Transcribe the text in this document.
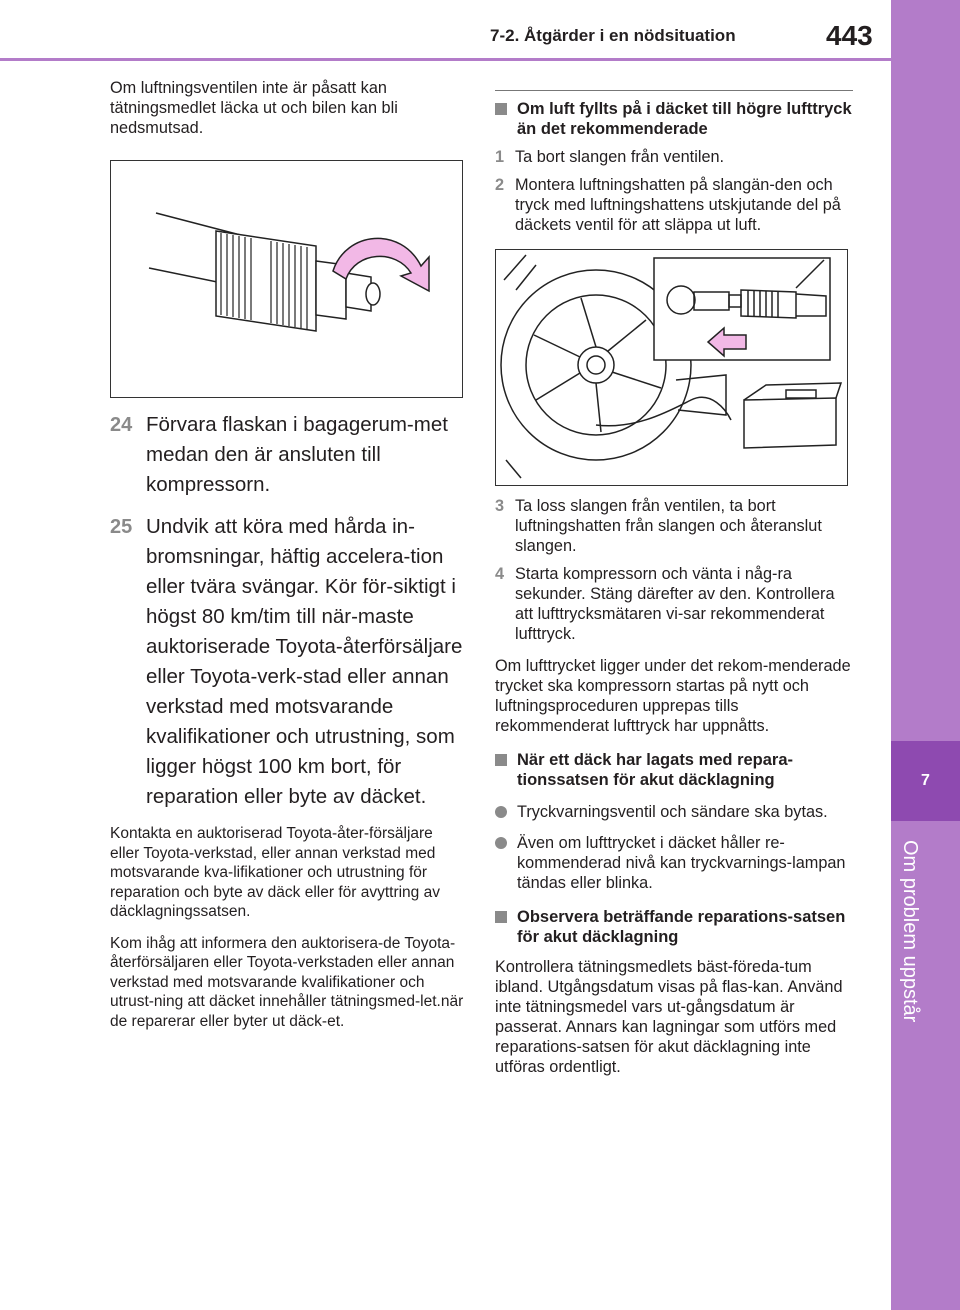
7
Om problem uppstår
7-2. Åtgärder i en nödsituation	443

Om luftningsventilen inte är påsatt kan tätningsmedlet läcka ut och bilen kan bli nedsmutsad.

24 Förvara flaskan i bagagerum-met medan den är ansluten till kompressorn.
25 Undvik att köra med hårda in-bromsningar, häftig accelera-tion eller tvära svängar. Kör för-siktigt i högst 80 km/tim till när-maste auktoriserade Toyota-återförsäljare eller Toyota-verk-stad eller annan verkstad med motsvarande kvalifikationer och utrustning, som ligger högst 100 km bort, för reparation eller byte av däcket.

Kontakta en auktoriserad Toyota-åter-försäljare eller Toyota-verkstad, eller annan verkstad med motsvarande kva-lifikationer och utrustning för reparation och byte av däck eller för avyttring av däcklagningssatsen.

Kom ihåg att informera den auktorisera-de Toyota-återförsäljaren eller Toyota-verkstaden eller annan verkstad med motsvarande kvalifikationer och utrust-ning att däcket innehåller tätningsmed-let.när de reparerar eller byter ut däck-et.

Om luft fyllts på i däcket till högre lufttryck än det rekommenderade
1 Ta bort slangen från ventilen.
2 Montera luftningshatten på slangän-den och tryck med luftningshattens utskjutande del på däckets ventil för att släppa ut luft.
3 Ta loss slangen från ventilen, ta bort luftningshatten från slangen och återanslut slangen.
4 Starta kompressorn och vänta i någ-ra sekunder. Stäng därefter av den. Kontrollera att lufttrycksmätaren vi-sar rekommenderat lufttryck.

Om lufttrycket ligger under det rekom-menderade trycket ska kompressorn startas på nytt och luftningsproceduren upprepas tills rekommenderat lufttryck har uppnåtts.

När ett däck har lagats med repara-tionssatsen för akut däcklagning
Tryckvarningsventil och sändare ska bytas.
Även om lufttrycket i däcket håller re-kommenderad nivå kan tryckvarnings-lampan tändas eller blinka.
Observera beträffande reparations-satsen för akut däcklagning

Kontrollera tätningsmedlets bäst-föreda-tum ibland. Utgångsdatum visas på flas-kan. Använd inte tätningsmedel vars ut-gångsdatum är passerat. Annars kan lagningar som utförs med reparations-satsen för akut däcklagning inte utföras ordentligt.
